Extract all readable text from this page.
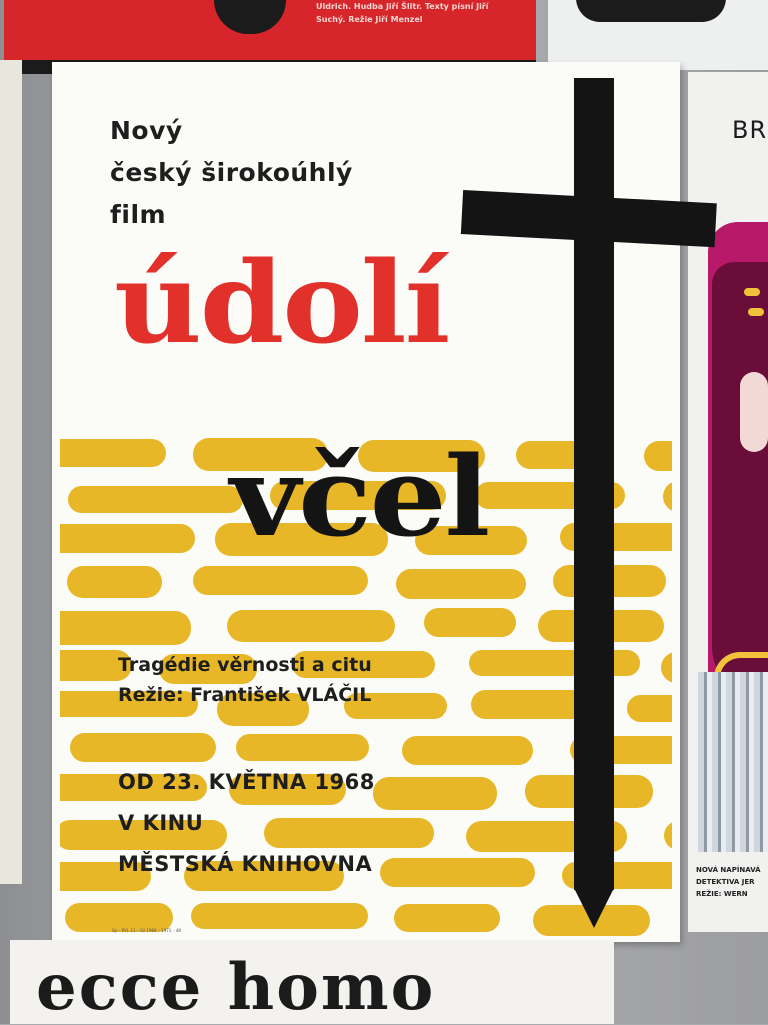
Uldrich. Hudba Jiří Šlitr. Texty písní Jiří
Suchý. Režie Jiří Menzel
BR
NOVÁ NAPÍNAVÁ
DETEKTIVA JER
REŽIE: WERN
Nový
český širokoúhlý
film
údolí
včel
Tragédie věrnosti a citu
Režie: František VLÁČIL
OD 23. KVĚTNA 1968
V KINU
MĚSTSKÁ KNIHOVNA
Sp – PVL 11 – Oz 1968 – 1971 – 48
ecce homo
